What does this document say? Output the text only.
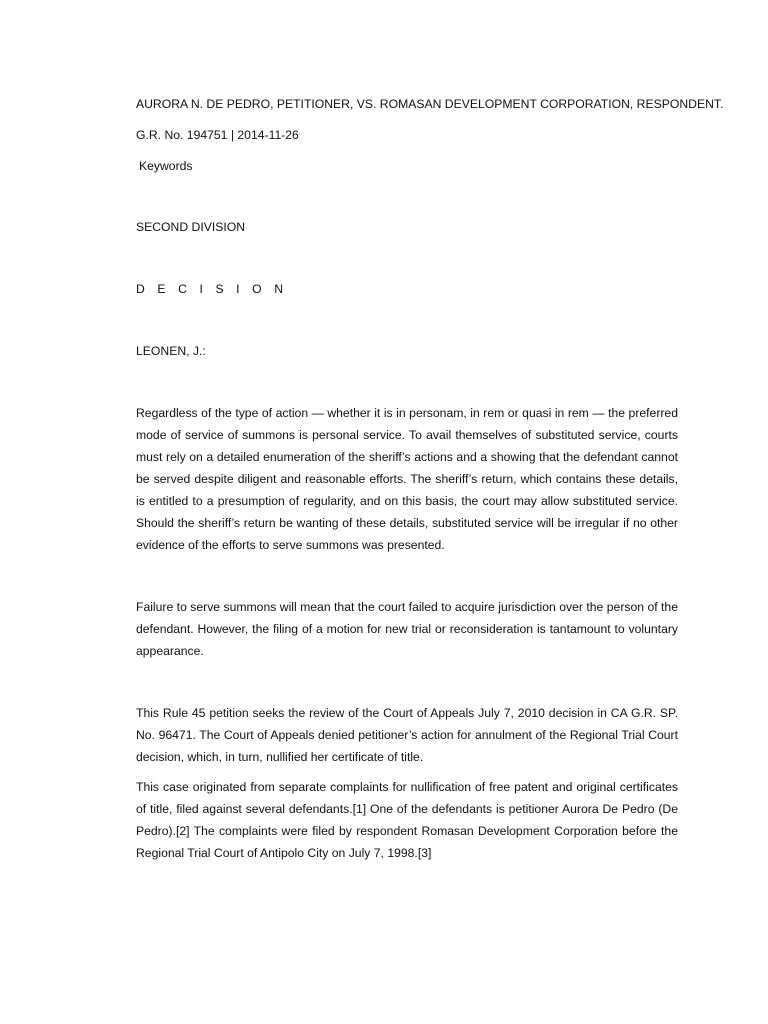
AURORA N. DE PEDRO, PETITIONER, VS. ROMASAN DEVELOPMENT CORPORATION, RESPONDENT.

G.R. No. 194751 | 2014-11-26

Keywords

SECOND DIVISION

D E C I S I O N

LEONEN, J.:

Regardless of the type of action — whether it is in personam, in rem or quasi in rem — the preferred mode of service of summons is personal service. To avail themselves of substituted service, courts must rely on a detailed enumeration of the sheriff’s actions and a showing that the defendant cannot be served despite diligent and reasonable efforts. The sheriff’s return, which contains these details, is entitled to a presumption of regularity, and on this basis, the court may allow substituted service. Should the sheriff’s return be wanting of these details, substituted service will be irregular if no other evidence of the efforts to serve summons was presented.

Failure to serve summons will mean that the court failed to acquire jurisdiction over the person of the defendant. However, the filing of a motion for new trial or reconsideration is tantamount to voluntary appearance.

This Rule 45 petition seeks the review of the Court of Appeals July 7, 2010 decision in CA G.R. SP. No. 96471. The Court of Appeals denied petitioner’s action for annulment of the Regional Trial Court decision, which, in turn, nullified her certificate of title.

This case originated from separate complaints for nullification of free patent and original certificates of title, filed against several defendants.[1] One of the defendants is petitioner Aurora De Pedro (De Pedro).[2] The complaints were filed by respondent Romasan Development Corporation before the Regional Trial Court of Antipolo City on July 7, 1998.[3]
